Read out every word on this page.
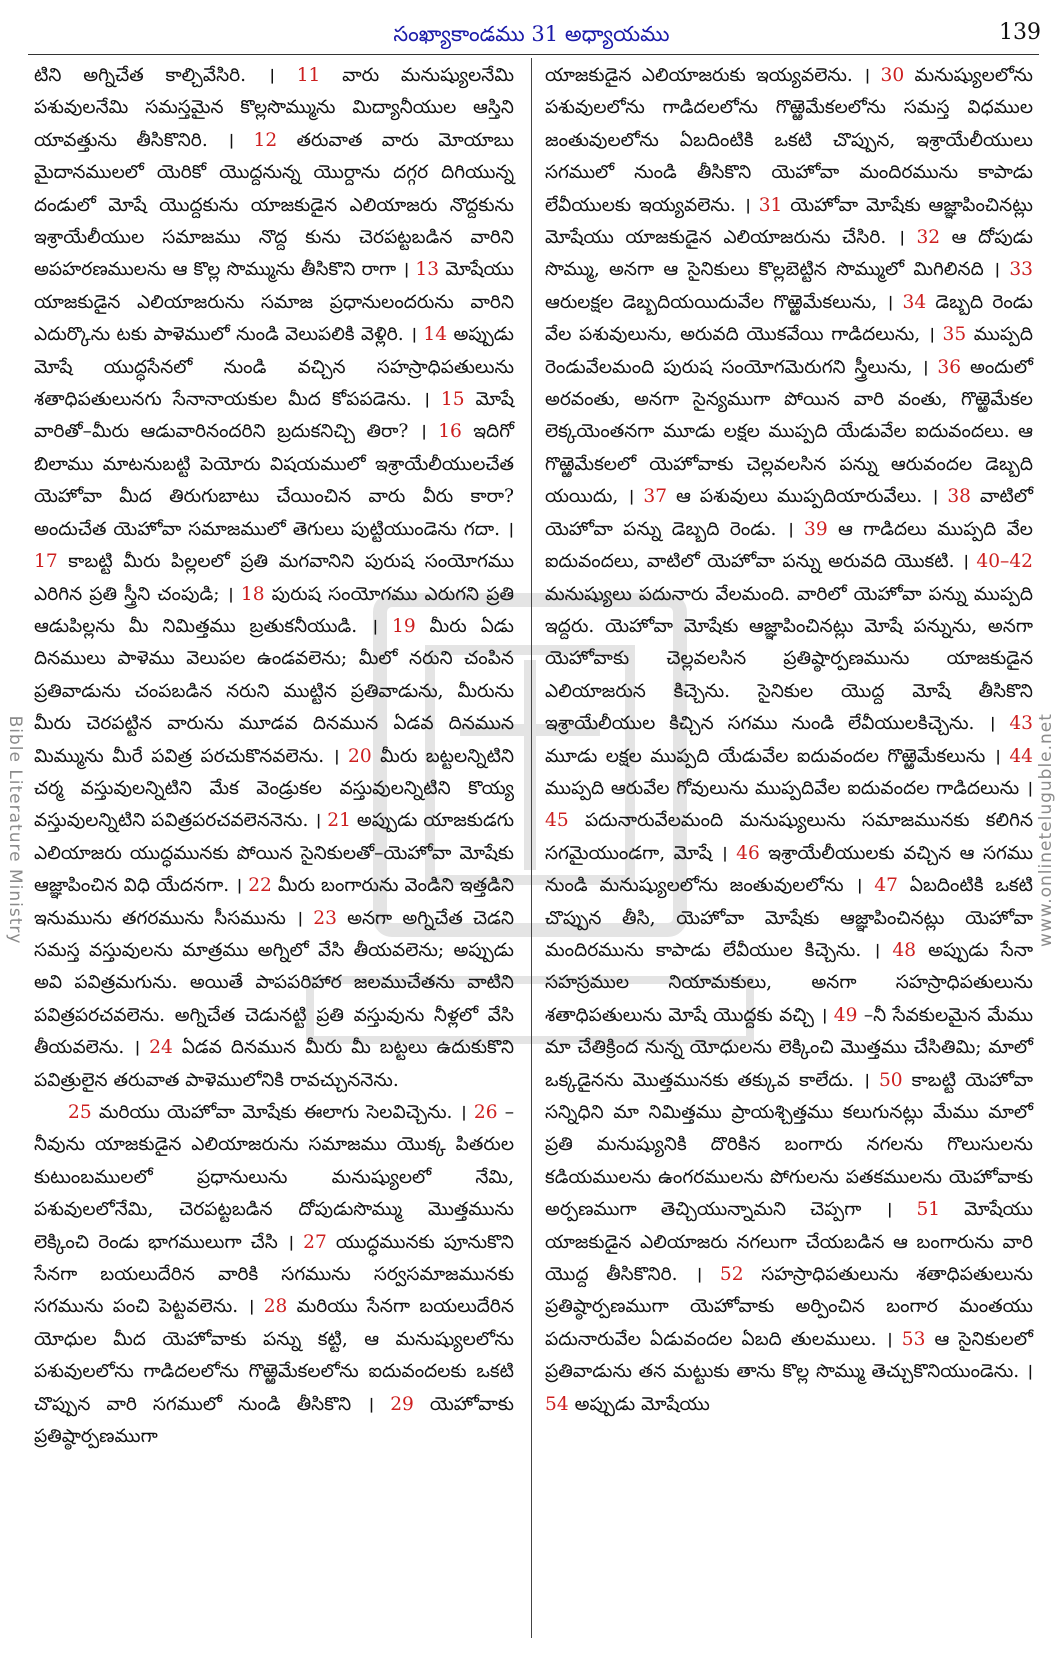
సంఖ్యాకాండము 31 అధ్యాయము	139
Bible Literature Ministry	www.onlineteluguble.net

టిని అగ్నిచేత కాల్చివేసిరి. । 11 వారు మనుష్యులనేమి పశువులనేమి సమస్తమైన కొల్లసొమ్మును మిద్యానీయుల ఆస్తిని యావత్తును తీసికొనిరి. । 12 తరువాత వారు మోయాబు మైదానములలో యెరికో యొద్దనున్న యొర్దాను దగ్గర దిగియున్న దండులో మోషే యొద్దకును యాజకుడైన ఎలియాజరు నొద్దకును ఇశ్రాయేలీయుల సమాజము నొద్ద కును చెరపట్టబడిన వారిని అపహరణములను ఆ కొల్ల సొమ్మును తీసికొని రాగా । 13 మోషేయు యాజకుడైన ఎలియాజరును సమాజ ప్రధానులందరును వారిని ఎదుర్కొను టకు పాళెములో నుండి వెలుపలికి వెళ్లిరి. । 14 అప్పుడు మోషే యుద్ధసేనలో నుండి వచ్చిన సహస్రాధిపతులును శతాధిపతులునగు సేనానాయకుల మీద కోపపడెను. । 15 మోషే వారితో–మీరు ఆడువారినందరిని బ్రదుకనిచ్చి తిరా? । 16 ఇదిగో బిలాము మాటనుబట్టి పెయోరు విషయములో ఇశ్రాయేలీయులచేత యెహోవా మీద తిరుగుబాటు చేయించిన వారు వీరు కారా? అందుచేత యెహోవా సమాజములో తెగులు పుట్టియుండెను గదా. । 17 కాబట్టి మీరు పిల్లలలో ప్రతి మగవానిని పురుష సంయోగము ఎరిగిన ప్రతి స్త్రీని చంపుడి; । 18 పురుష సంయోగము ఎరుగని ప్రతి ఆడుపిల్లను మీ నిమిత్తము బ్రతుకనీయుడి. । 19 మీరు ఏడు దినములు పాళెము వెలుపల ఉండవలెను; మీలో నరుని చంపిన ప్రతివాడును చంపబడిన నరుని ముట్టిన ప్రతివాడును, మీరును మీరు చెరపట్టిన వారును మూడవ దినమున ఏడవ దినమున మిమ్మును మీరే పవిత్ర పరచుకొనవలెను. । 20 మీరు బట్టలన్నిటిని చర్మ వస్తువులన్నిటిని మేక వెండ్రుకల వస్తువులన్నిటిని కొయ్య వస్తువులన్నిటిని పవిత్రపరచవలెననెను. । 21 అప్పుడు యాజకుడగు ఎలియాజరు యుద్ధమునకు పోయిన సైనికులతో–యెహోవా మోషేకు ఆజ్ఞాపించిన విధి యేదనగా. । 22 మీరు బంగారును వెండిని ఇత్తడిని ఇనుమును తగరమును సీసమును । 23 అనగా అగ్నిచేత చెడని సమస్త వస్తువులను మాత్రము అగ్నిలో వేసి తీయవలెను; అప్పుడు అవి పవిత్రమగును. అయితే పాపపరిహార జలముచేతను వాటిని పవిత్రపరచవలెను. అగ్నిచేత చెడునట్టి ప్రతి వస్తువును నీళ్లలో వేసి తీయవలెను. । 24 ఏడవ దినమున మీరు మీ బట్టలు ఉదుకుకొని పవిత్రులైన తరువాత పాళెములోనికి రావచ్చుననెను.

25 మరియు యెహోవా మోషేకు ఈలాగు సెలవిచ్చెను. । 26 –నీవును యాజకుడైన ఎలియాజరును సమాజము యొక్క పితరుల కుటుంబములలో ప్రధానులును మనుష్యులలో నేమి, పశువులలోనేమి, చెరపట్టబడిన దోపుడుసొమ్ము మొత్తమును లెక్కించి రెండు భాగములుగా చేసి । 27 యుద్ధమునకు పూనుకొని సేనగా బయలుదేరిన వారికి సగమును సర్వసమాజమునకు సగమును పంచి పెట్టవలెను. । 28 మరియు సేనగా బయలుదేరిన యోధుల మీద యెహోవాకు పన్ను కట్టి, ఆ మనుష్యులలోను పశువులలోను గాడిదలలోను గొఱ్ఱెమేకలలోను ఐదువందలకు ఒకటి చొప్పున వారి సగములో నుండి తీసికొని । 29 యెహోవాకు ప్రతిష్ఠార్పణముగా

యాజకుడైన ఎలియాజరుకు ఇయ్యవలెను. । 30 మనుష్యులలోను పశువులలోను గాడిదలలోను గొఱ్ఱెమేకలలోను సమస్త విధముల జంతువులలోను ఏబదింటికి ఒకటి చొప్పున, ఇశ్రాయేలీయులు సగములో నుండి తీసికొని యెహోవా మందిరమును కాపాడు లేవీయులకు ఇయ్యవలెను. । 31 యెహోవా మోషేకు ఆజ్ఞాపించినట్లు మోషేయు యాజకుడైన ఎలియాజరును చేసిరి. । 32 ఆ దోపుడు సొమ్ము, అనగా ఆ సైనికులు కొల్లబెట్టిన సొమ్ములో మిగిలినది । 33 ఆరులక్షల డెబ్బదియయిదువేల గొఱ్ఱెమేకలును, । 34 డెబ్బది రెండు వేల పశువులును, అరువది యొకవేయి గాడిదలును, । 35 ముప్పది రెండువేలమంది పురుష సంయోగమెరుగని స్త్రీలును, । 36 అందులో అరవంతు, అనగా సైన్యముగా పోయిన వారి వంతు, గొఱ్ఱెమేకల లెక్కయెంతనగా మూడు లక్షల ముప్పది యేడువేల ఐదువందలు. ఆ గొఱ్ఱెమేకలలో యెహోవాకు చెల్లవలసిన పన్ను ఆరువందల డెబ్బది యయిదు, । 37 ఆ పశువులు ముప్పదియారువేలు. । 38 వాటిలో యెహోవా పన్ను డెబ్బది రెండు. । 39 ఆ గాడిదలు ముప్పది వేల ఐదువందలు, వాటిలో యెహోవా పన్ను అరువది యొకటి. । 40–42 మనుష్యులు పదునారు వేలమంది. వారిలో యెహోవా పన్ను ముప్పది ఇద్దరు. యెహోవా మోషేకు ఆజ్ఞాపించినట్లు మోషే పన్నును, అనగా యెహోవాకు చెల్లవలసిన ప్రతిష్ఠార్పణమును యాజకుడైన ఎలియాజరున కిచ్చెను. సైనికుల యొద్ద మోషే తీసికొని ఇశ్రాయేలీయుల కిచ్చిన సగము నుండి లేవీయులకిచ్చెను. । 43 మూడు లక్షల ముప్పది యేడువేల ఐదువందల గొఱ్ఱెమేకలును । 44 ముప్పది ఆరువేల గోవులును ముప్పదివేల ఐదువందల గాడిదలును । 45 పదునారువేలమంది మనుష్యులును సమాజమునకు కలిగిన సగమైయుండగా, మోషే । 46 ఇశ్రాయేలీయులకు వచ్చిన ఆ సగము నుండి మనుష్యులలోను జంతువులలోను । 47 ఏబదింటికి ఒకటి చొప్పున తీసి, యెహోవా మోషేకు ఆజ్ఞాపించినట్లు యెహోవా మందిరమును కాపాడు లేవీయుల కిచ్చెను. । 48 అప్పుడు సేనా సహస్రముల నియామకులు, అనగా సహస్రాధిపతులును శతాధిపతులును మోషే యొద్దకు వచ్చి । 49 –నీ సేవకులమైన మేము మా చేతిక్రింద నున్న యోధులను లెక్కించి మొత్తము చేసితిమి; మాలో ఒక్కడైనను మొత్తమునకు తక్కువ కాలేదు. । 50 కాబట్టి యెహోవా సన్నిధిని మా నిమిత్తము ప్రాయశ్చిత్తము కలుగునట్లు మేము మాలో ప్రతి మనుష్యునికి దొరికిన బంగారు నగలను గొలుసులను కడియములను ఉంగరములను పోగులను పతకములను యెహోవాకు అర్పణముగా తెచ్చియున్నామని చెప్పగా । 51 మోషేయు యాజకుడైన ఎలియాజరు నగలుగా చేయబడిన ఆ బంగారును వారి యొద్ద తీసికొనిరి. । 52 సహస్రాధిపతులును శతాధిపతులును ప్రతిష్ఠార్పణముగా యెహోవాకు అర్పించిన బంగార మంతయు పదునారువేల ఏడువందల ఏబది తులములు. । 53 ఆ సైనికులలో ప్రతివాడును తన మట్టుకు తాను కొల్ల సొమ్ము తెచ్చుకొనియుండెను. । 54 అప్పుడు మోషేయు
